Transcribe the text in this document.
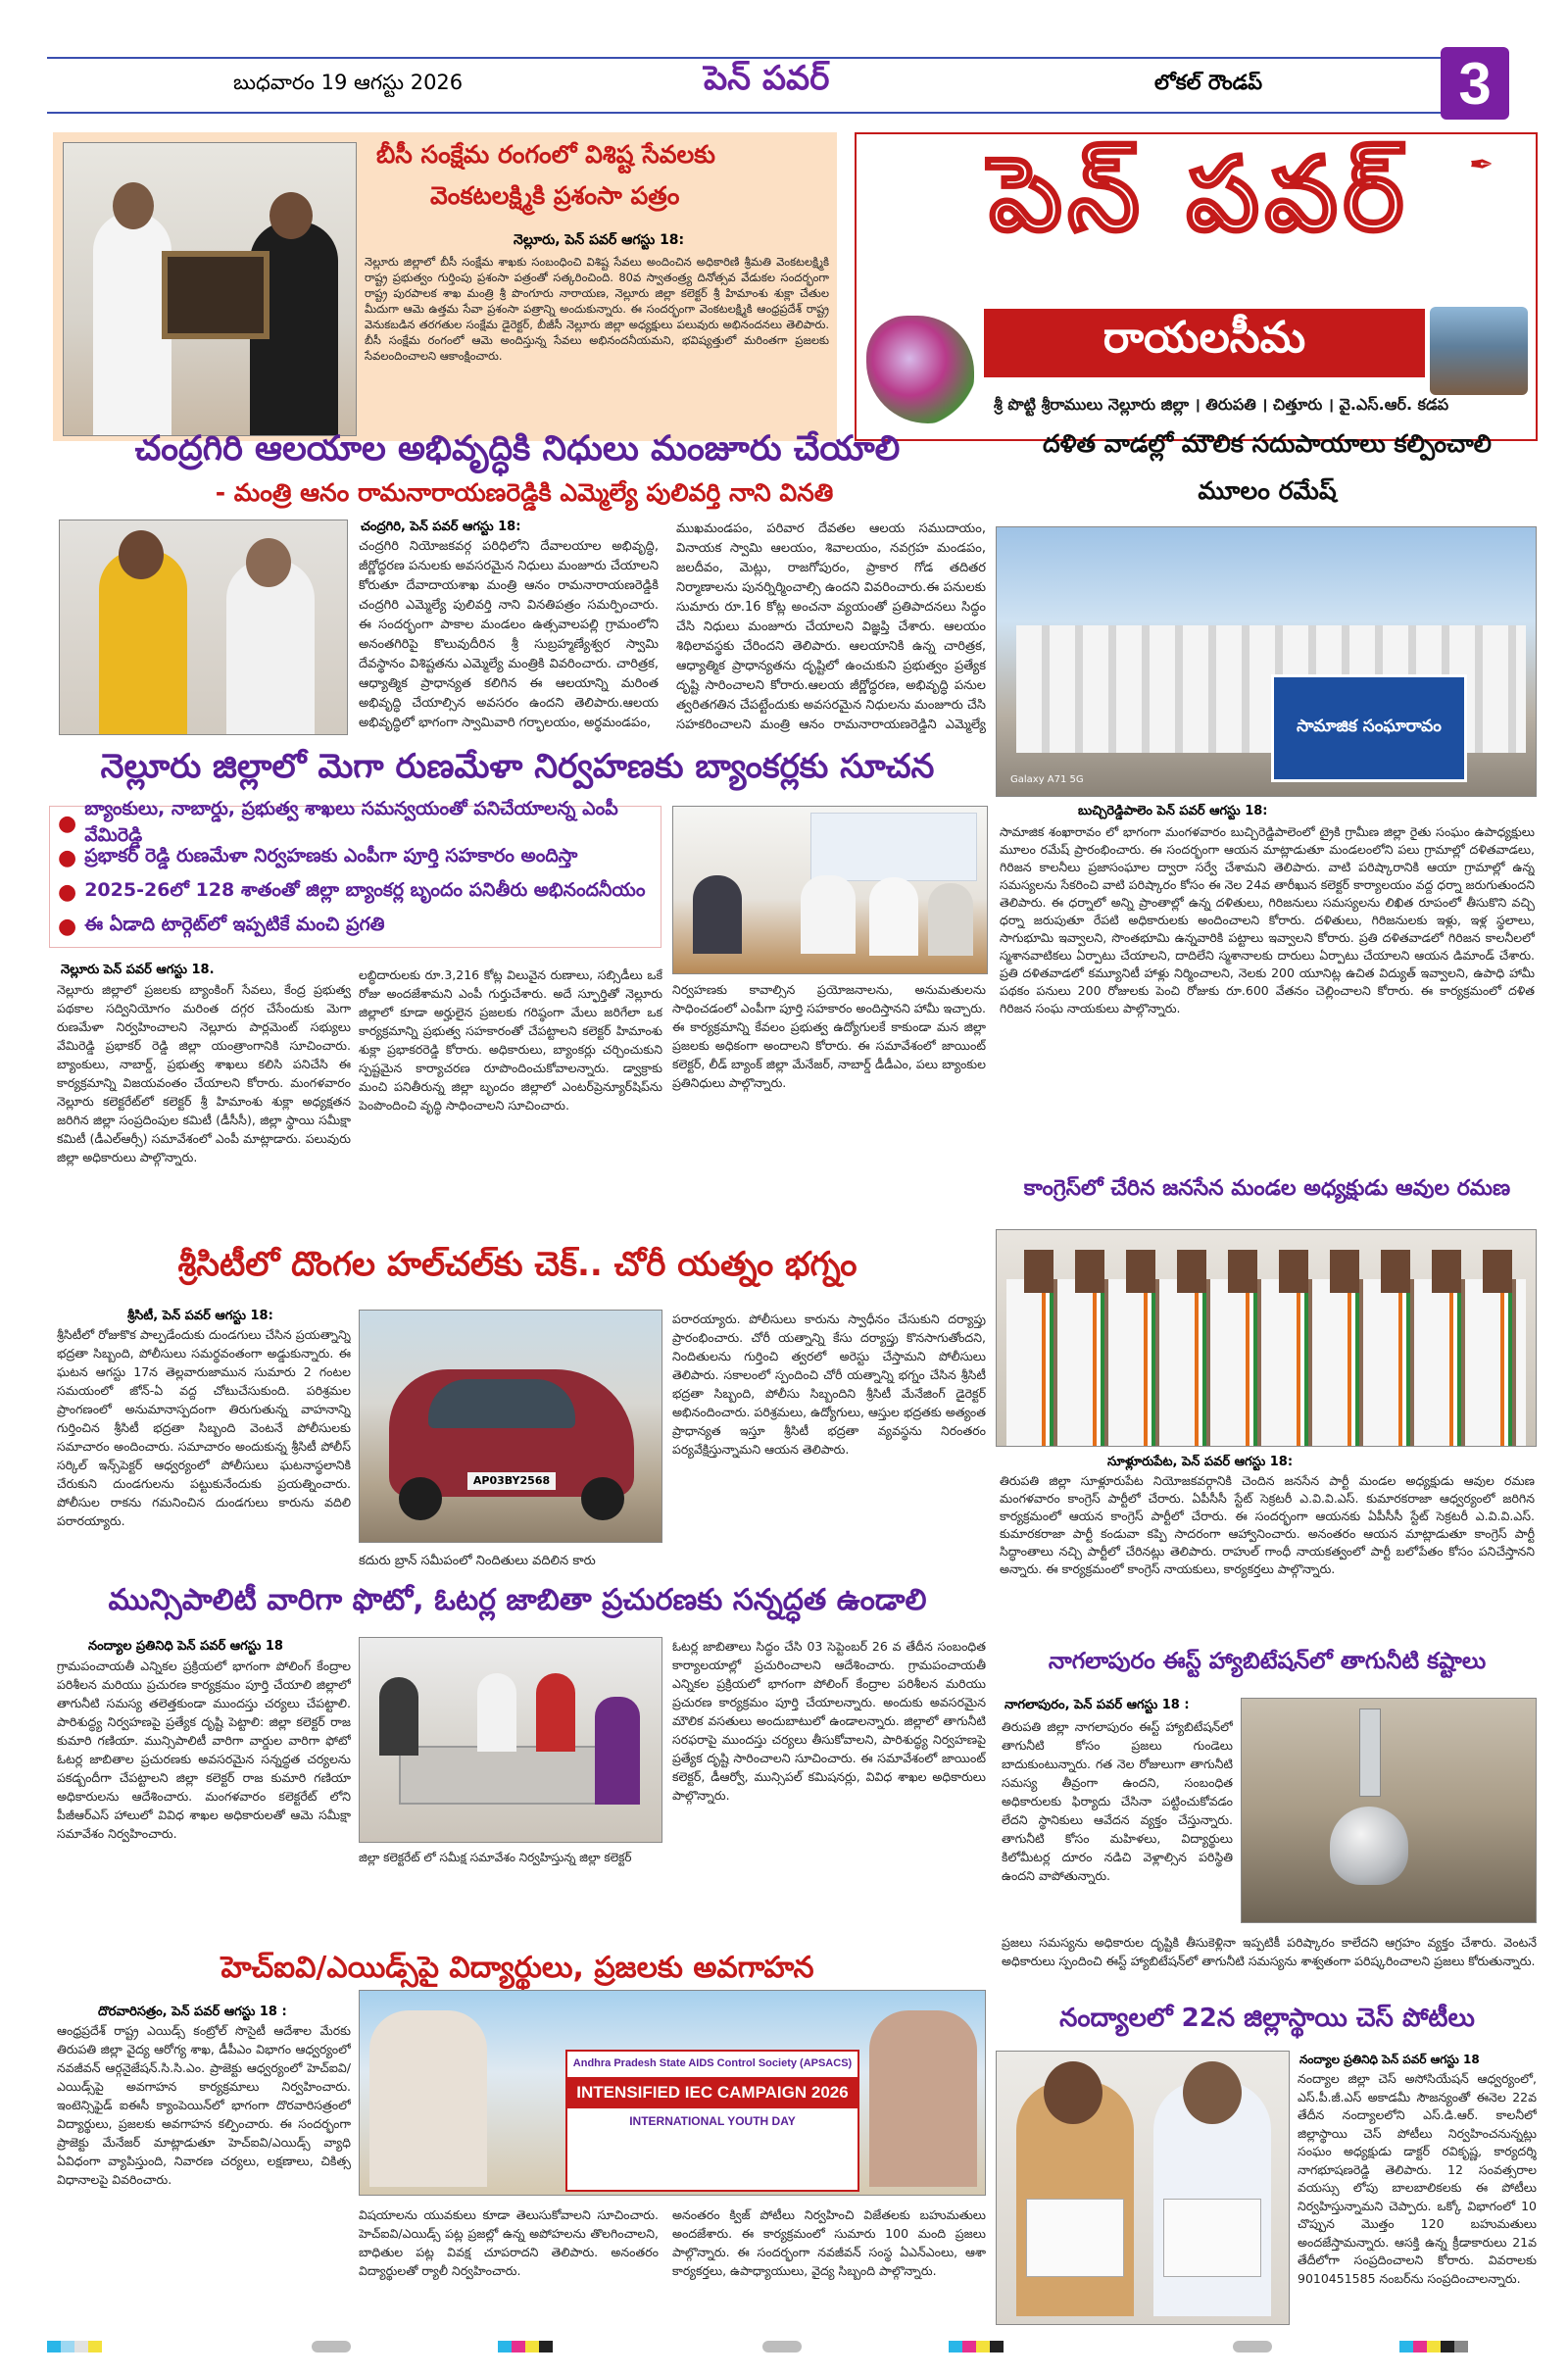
బుధవారం 19 ఆగస్టు 2026	పెన్ పవర్	లోకల్ రౌండప్	3
బీసీ సంక్షేమ రంగంలో విశిష్ట సేవలకు
వెంకటలక్ష్మికి ప్రశంసా పత్రం
నెల్లూరు, పెన్ పవర్ ఆగస్టు 18:
నెల్లూరు జిల్లాలో బీసీ సంక్షేమ శాఖకు సంబంధించి విశిష్ట సేవలు అందించిన అధికారిణి శ్రీమతి వెంకటలక్ష్మికి రాష్ట్ర ప్రభుత్వం గుర్తింపు ప్రశంసా పత్రంతో సత్కరించింది. 80వ స్వాతంత్ర్య దినోత్సవ వేడుకల సందర్భంగా రాష్ట్ర పురపాలక శాఖ మంత్రి శ్రీ పొంగూరు నారాయణ, నెల్లూరు జిల్లా కలెక్టర్ శ్రీ హిమాంశు శుక్లా చేతుల మీదుగా ఆమె ఉత్తమ సేవా ప్రశంసా పత్రాన్ని అందుకున్నారు. ఈ సందర్భంగా వెంకటలక్ష్మికి ఆంధ్రప్రదేశ్ రాష్ట్ర వెనుకబడిన తరగతుల సంక్షేమ డైరెక్టర్, బీజీసీ నెల్లూరు జిల్లా అధ్యక్షులు పలువురు అభినందనలు తెలిపారు. బీసీ సంక్షేమ రంగంలో ఆమె అందిస్తున్న సేవలు అభినందనీయమని, భవిష్యత్తులో మరింతగా ప్రజలకు సేవలందించాలని ఆకాంక్షించారు.
పెన్ పవర్	✒
రాయలసీమ
శ్రీ పొట్టి శ్రీరాములు నెల్లూరు జిల్లా । తిరుపతి । చిత్తూరు । వై.ఎస్.ఆర్. కడప
చంద్రగిరి ఆలయాల అభివృద్ధికి నిధులు మంజూరు చేయాలి
- మంత్రి ఆనం రామనారాయణరెడ్డికి ఎమ్మెల్యే పులివర్తి నాని వినతి
చంద్రగిరి, పెన్ పవర్ ఆగస్టు 18:
చంద్రగిరి నియోజకవర్గ పరిధిలోని దేవాలయాల అభివృద్ధి, జీర్ణోద్ధరణ పనులకు అవసరమైన నిధులు మంజూరు చేయాలని కోరుతూ దేవాదాయశాఖ మంత్రి ఆనం రామనారాయణరెడ్డికి చంద్రగిరి ఎమ్మెల్యే పులివర్తి నాని వినతిపత్రం సమర్పించారు. ఈ సందర్భంగా పాకాల మండలం ఉత్సవాలపల్లి గ్రామంలోని అనంతగిరిపై కొలువుదీరిన శ్రీ సుబ్రహ్మణ్యేశ్వర స్వామి దేవస్థానం విశిష్టతను ఎమ్మెల్యే మంత్రికి వివరించారు. చారిత్రక, ఆధ్యాత్మిక ప్రాధాన్యత కలిగిన ఈ ఆలయాన్ని మరింత అభివృద్ధి చేయాల్సిన అవసరం ఉందని తెలిపారు.ఆలయ అభివృద్ధిలో భాగంగా స్వామివారి గర్భాలయం, అర్థమండపం,
ముఖమండపం, పరివార దేవతల ఆలయ సముదాయం, వినాయక స్వామి ఆలయం, శివాలయం, నవగ్రహ మండపం, జలదీవం, మెట్లు, రాజగోపురం, ప్రాకార గోడ తదితర నిర్మాణాలను పునర్నిర్మించాల్సి ఉందని వివరించారు.ఈ పనులకు సుమారు రూ.16 కోట్ల అంచనా వ్యయంతో ప్రతిపాదనలు సిద్ధం చేసి నిధులు మంజూరు చేయాలని విజ్ఞప్తి చేశారు. ఆలయం శిథిలావస్థకు చేరిందని తెలిపారు. ఆలయానికి ఉన్న చారిత్రక, ఆధ్యాత్మిక ప్రాధాన్యతను దృష్టిలో ఉంచుకుని ప్రభుత్వం ప్రత్యేక దృష్టి సారించాలని కోరారు.ఆలయ జీర్ణోద్ధరణ, అభివృద్ధి పనుల త్వరితగతిన చేపట్టేందుకు అవసరమైన నిధులను మంజూరు చేసి సహకరించాలని మంత్రి ఆనం రామనారాయణరెడ్డిని ఎమ్మెల్యే
దళిత వాడల్లో మౌలిక సదుపాయాలు కల్పించాలి
మూలం రమేష్
సామాజిక సంఘారావం
Galaxy A71 5G
బుచ్చిరెడ్డిపాలెం పెన్ పవర్ ఆగస్టు 18:
సామాజిక శంఖారావం లో భాగంగా మంగళవారం బుచ్చిరెడ్డిపాలెంలో ట్రైకి గ్రామీణ జిల్లా రైతు సంఘం ఉపాధ్యక్షులు మూలం రమేష్ ప్రారంభించారు. ఈ సందర్భంగా ఆయన మాట్లాడుతూ మండలంలోని పలు గ్రామాల్లో దళితవాడలు, గిరిజన కాలనీలు ప్రజాసంఘాల ద్వారా సర్వే చేశామని తెలిపారు. వాటి పరిష్కారానికి ఆయా గ్రామాల్లో ఉన్న సమస్యలను సేకరించి వాటి పరిష్కారం కోసం ఈ నెల 24వ తారీఖున కలెక్టర్ కార్యాలయం వద్ద ధర్నా జరుగుతుందని తెలిపారు. ఈ ధర్నాలో అన్ని ప్రాంతాల్లో ఉన్న దళితులు, గిరిజనులు సమస్యలను లిఖిత రూపంలో తీసుకొని వచ్చి ధర్నా జరుపుతూ రేపటి అధికారులకు అందించాలని కోరారు. దళితులు, గిరిజనులకు ఇళ్లు, ఇళ్ల స్థలాలు, సాగుభూమి ఇవ్వాలని, సొంతభూమి ఉన్నవారికి పట్టాలు ఇవ్వాలని కోరారు. ప్రతి దళితవాడలో గిరిజన కాలనీలలో స్మశానవాటికలు ఏర్పాటు చేయాలని, దాదిలేని స్మశానాలకు దారులు ఏర్పాటు చేయాలని ఆయన డిమాండ్ చేశారు. ప్రతి దళితవాడలో కమ్యూనిటీ హాళ్లు నిర్మించాలని, నెలకు 200 యూనిట్ల ఉచిత విద్యుత్ ఇవ్వాలని, ఉపాధి హామీ పథకం పనులు 200 రోజులకు పెంచి రోజుకు రూ.600 వేతనం చెల్లించాలని కోరారు. ఈ కార్యక్రమంలో దళిత గిరిజన సంఘ నాయకులు పాల్గొన్నారు.
నెల్లూరు జిల్లాలో మెగా రుణమేళా నిర్వహణకు బ్యాంకర్లకు సూచన
●
బ్యాంకులు, నాబార్డు, ప్రభుత్వ శాఖలు సమన్వయంతో పనిచేయాలన్న ఎంపీ వేమిరెడ్డి
● ప్రభాకర్ రెడ్డి రుణమేళా నిర్వహణకు ఎంపీగా పూర్తి సహకారం అందిస్తా
● 2025-26లో 128 శాతంతో జిల్లా బ్యాంకర్ల బృందం పనితీరు అభినందనీయం
● ఈ ఏడాది టార్గెట్‌లో ఇప్పటికే మంచి ప్రగతి
నెల్లూరు పెన్ పవర్ ఆగస్టు 18.
నెల్లూరు జిల్లాలో ప్రజలకు బ్యాంకింగ్ సేవలు, కేంద్ర ప్రభుత్వ పథకాల సద్వినియోగం మరింత దగ్గర చేసేందుకు మెగా రుణమేళా నిర్వహించాలని నెల్లూరు పార్లమెంట్ సభ్యులు వేమిరెడ్డి ప్రభాకర్ రెడ్డి జిల్లా యంత్రాంగానికి సూచించారు. బ్యాంకులు, నాబార్డ్, ప్రభుత్వ శాఖలు కలిసి పనిచేసి ఈ కార్యక్రమాన్ని విజయవంతం చేయాలని కోరారు. మంగళవారం నెల్లూరు కలెక్టరేట్‌లో కలెక్టర్ శ్రీ హిమాంశు శుక్లా అధ్యక్షతన జరిగిన జిల్లా సంప్రదింపుల కమిటీ (డీసీసీ), జిల్లా స్థాయి సమీక్షా కమిటీ (డీఎల్ఆర్సీ) సమావేశంలో ఎంపీ మాట్లాడారు. పలువురు జిల్లా అధికారులు పాల్గొన్నారు.
లబ్ధిదారులకు రూ.3,216 కోట్ల విలువైన రుణాలు, సబ్సిడీలు ఒకే రోజు అందజేశామని ఎంపీ గుర్తుచేశారు. అదే స్ఫూర్తితో నెల్లూరు జిల్లాలో కూడా అర్హులైన ప్రజలకు గరిష్ఠంగా మేలు జరిగేలా ఒక కార్యక్రమాన్ని ప్రభుత్వ సహకారంతో చేపట్టాలని కలెక్టర్ హిమాంశు శుక్లా ప్రభాకరరెడ్డి కోరారు. అధికారులు, బ్యాంకర్లు చర్చించుకుని స్పష్టమైన కార్యాచరణ రూపొందించుకోవాలన్నారు. డ్వాక్రాకు మంచి పనితీరున్న జిల్లా బృందం జిల్లాలో ఎంటర్‌ప్రెన్యూర్‌షిప్‌ను పెంపొందించి వృద్ధి సాధించాలని సూచించారు.
నిర్వహణకు కావాల్సిన ప్రయోజనాలను, అనుమతులను సాధించడంలో ఎంపీగా పూర్తి సహకారం అందిస్తానని హామీ ఇచ్చారు. ఈ కార్యక్రమాన్ని కేవలం ప్రభుత్వ ఉద్యోగులకే కాకుండా మన జిల్లా ప్రజలకు అధికంగా అందాలని కోరారు. ఈ సమావేశంలో జాయింట్ కలెక్టర్, లీడ్ బ్యాంక్ జిల్లా మేనేజర్, నాబార్డ్ డీడీఎం, పలు బ్యాంకుల ప్రతినిధులు పాల్గొన్నారు.
కాంగ్రెస్‌లో చేరిన జనసేన మండల అధ్యక్షుడు ఆవుల రమణ
సూళ్లూరుపేట, పెన్ పవర్ ఆగస్టు 18:
తిరుపతి జిల్లా సూళ్లూరుపేట నియోజకవర్గానికి చెందిన జనసేన పార్టీ మండల అధ్యక్షుడు ఆవుల రమణ మంగళవారం కాంగ్రెస్ పార్టీలో చేరారు. ఏపీసీసీ స్టేట్ సెక్రటరీ ఎ.వి.వి.ఎస్. కుమారకరాజా ఆధ్వర్యంలో జరిగిన కార్యక్రమంలో ఆయన కాంగ్రెస్ పార్టీలో చేరారు. ఈ సందర్భంగా ఆయనకు ఏపీసీసీ స్టేట్ సెక్రటరీ ఎ.వి.వి.ఎస్. కుమారకరాజా పార్టీ కండువా కప్పి సాదరంగా ఆహ్వానించారు. అనంతరం ఆయన మాట్లాడుతూ కాంగ్రెస్ పార్టీ సిద్ధాంతాలు నచ్చి పార్టీలో చేరినట్లు తెలిపారు. రాహుల్ గాంధీ నాయకత్వంలో పార్టీ బలోపేతం కోసం పనిచేస్తానని అన్నారు. ఈ కార్యక్రమంలో కాంగ్రెస్ నాయకులు, కార్యకర్తలు పాల్గొన్నారు.
శ్రీసిటీలో దొంగల హల్‌చల్‌కు చెక్.. చోరీ యత్నం భగ్నం
శ్రీసిటీ, పెన్ పవర్ ఆగస్టు 18:
శ్రీసిటీలో రోజుకొక పాల్పడేందుకు దుండగులు చేసిన ప్రయత్నాన్ని భద్రతా సిబ్బంది, పోలీసులు సమర్థవంతంగా అడ్డుకున్నారు. ఈ ఘటన ఆగస్టు 17న తెల్లవారుజామున సుమారు 2 గంటల సమయంలో జోన్-ఏ వద్ద చోటుచేసుకుంది. పరిశ్రమల ప్రాంగణంలో అనుమానాస్పదంగా తిరుగుతున్న వాహనాన్ని గుర్తించిన శ్రీసిటీ భద్రతా సిబ్బంది వెంటనే పోలీసులకు సమాచారం అందించారు. సమాచారం అందుకున్న శ్రీసిటీ పోలీస్ సర్కిల్ ఇన్స్‌పెక్టర్ ఆధ్వర్యంలో పోలీసులు ఘటనాస్థలానికి చేరుకుని దుండగులను పట్టుకునేందుకు ప్రయత్నించారు. పోలీసుల రాకను గమనించిన దుండగులు కారును వదిలి పరారయ్యారు.
AP03BY2568
కదురు బ్రాన్ సమీపంలో నిందితులు వదిలిన కారు
పరారయ్యారు. పోలీసులు కారును స్వాధీనం చేసుకుని దర్యాప్తు ప్రారంభించారు. చోరీ యత్నాన్ని కేసు దర్యాప్తు కొనసాగుతోందని, నిందితులను గుర్తించి త్వరలో అరెస్టు చేస్తామని పోలీసులు తెలిపారు. సకాలంలో స్పందించి చోరీ యత్నాన్ని భగ్నం చేసిన శ్రీసిటీ భద్రతా సిబ్బంది, పోలీసు సిబ్బందిని శ్రీసిటీ మేనేజింగ్ డైరెక్టర్ అభినందించారు. పరిశ్రమలు, ఉద్యోగులు, ఆస్తుల భద్రతకు అత్యంత ప్రాధాన్యత ఇస్తూ శ్రీసిటీ భద్రతా వ్యవస్థను నిరంతరం పర్యవేక్షిస్తున్నామని ఆయన తెలిపారు.
మున్సిపాలిటీ వారిగా ఫొటో, ఓటర్ల జాబితా ప్రచురణకు సన్నద్ధత ఉండాలి
నంద్యాల ప్రతినిధి పెన్ పవర్ ఆగస్టు 18
గ్రామపంచాయతీ ఎన్నికల ప్రక్రియలో భాగంగా పోలింగ్ కేంద్రాల పరిశీలన మరియు ప్రచురణ కార్యక్రమం పూర్తి చేయాలి జిల్లాలో తాగునీటి సమస్య తలెత్తకుండా ముందస్తు చర్యలు చేపట్టాలి. పారిశుద్ధ్య నిర్వహణపై ప్రత్యేక దృష్టి పెట్టాలి: జిల్లా కలెక్టర్ రాజ కుమారి గణియా. మున్సిపాలిటీ వారిగా వార్డుల వారిగా ఫోటో ఓటర్ల జాబితాల ప్రచురణకు అవసరమైన సన్నద్ధత చర్యలను పకడ్బందీగా చేపట్టాలని జిల్లా కలెక్టర్ రాజ కుమారి గణియా అధికారులను ఆదేశించారు. మంగళవారం కలెక్టరేట్ లోని పీజీఆర్ఎస్ హాలులో వివిధ శాఖల అధికారులతో ఆమె సమీక్షా సమావేశం నిర్వహించారు.
జిల్లా కలెక్టరేట్ లో సమీక్ష సమావేశం నిర్వహిస్తున్న జిల్లా కలెక్టర్
ఓటర్ల జాబితాలు సిద్ధం చేసి 03 సెప్టెంబర్ 26 వ తేదీన సంబంధిత కార్యాలయాల్లో ప్రచురించాలని ఆదేశించారు. గ్రామపంచాయతీ ఎన్నికల ప్రక్రియలో భాగంగా పోలింగ్ కేంద్రాల పరిశీలన మరియు ప్రచురణ కార్యక్రమం పూర్తి చేయాలన్నారు. అందుకు అవసరమైన మౌలిక వసతులు అందుబాటులో ఉండాలన్నారు. జిల్లాలో తాగునీటి సరఫరాపై ముందస్తు చర్యలు తీసుకోవాలని, పారిశుద్ధ్య నిర్వహణపై ప్రత్యేక దృష్టి సారించాలని సూచించారు. ఈ సమావేశంలో జాయింట్ కలెక్టర్, డీఆర్వో, మున్సిపల్ కమిషనర్లు, వివిధ శాఖల అధికారులు పాల్గొన్నారు.
నాగలాపురం ఈస్ట్ హ్యాబిటేషన్‌లో తాగునీటి కష్టాలు
నాగలాపురం, పెన్ పవర్ ఆగస్టు 18 :
తిరుపతి జిల్లా నాగలాపురం ఈస్ట్ హ్యాబిటేషన్‌లో తాగునీటి కోసం ప్రజలు గుండెలు బాదుకుంటున్నారు. గత నెల రోజులుగా తాగునీటి సమస్య తీవ్రంగా ఉందని, సంబంధిత అధికారులకు ఫిర్యాదు చేసినా పట్టించుకోవడం లేదని స్థానికులు ఆవేదన వ్యక్తం చేస్తున్నారు. తాగునీటి కోసం మహిళలు, విద్యార్థులు కిలోమీటర్ల దూరం నడిచి వెళ్లాల్సిన పరిస్థితి ఉందని వాపోతున్నారు.
ప్రజలు సమస్యను అధికారుల దృష్టికి తీసుకెళ్లినా ఇప్పటికీ పరిష్కారం కాలేదని ఆగ్రహం వ్యక్తం చేశారు. వెంటనే అధికారులు స్పందించి ఈస్ట్ హ్యాబిటేషన్‌లో తాగునీటి సమస్యను శాశ్వతంగా పరిష్కరించాలని ప్రజలు కోరుతున్నారు.
హెచ్ఐవి/ఎయిడ్స్‌పై విద్యార్థులు, ప్రజలకు అవగాహన
దొరవారిసత్రం, పెన్ పవర్ ఆగస్టు 18 :
ఆంధ్రప్రదేశ్ రాష్ట్ర ఎయిడ్స్ కంట్రోల్ సొసైటీ ఆదేశాల మేరకు తిరుపతి జిల్లా వైద్య ఆరోగ్య శాఖ, డీపీఎం విభాగం ఆధ్వర్యంలో నవజీవన్ ఆర్గనైజేషన్.సి.సి.ఎం. ప్రాజెక్టు ఆధ్వర్యంలో హెచ్ఐవి/ఎయిడ్స్‌పై అవగాహన కార్యక్రమాలు నిర్వహించారు. ఇంటెన్సిఫైడ్ ఐఈసీ క్యాంపెయిన్‌లో భాగంగా దొరవారిసత్రంలో విద్యార్థులు, ప్రజలకు అవగాహన కల్పించారు. ఈ సందర్భంగా ప్రాజెక్టు మేనేజర్ మాట్లాడుతూ హెచ్ఐవి/ఎయిడ్స్ వ్యాధి ఏవిధంగా వ్యాపిస్తుంది, నివారణ చర్యలు, లక్షణాలు, చికిత్స విధానాలపై వివరించారు.
Andhra Pradesh State AIDS Control Society (APSACS)
INTENSIFIED IEC CAMPAIGN 2026
INTERNATIONAL YOUTH DAY
విషయాలను యువకులు కూడా తెలుసుకోవాలని సూచించారు. హెచ్ఐవి/ఎయిడ్స్ పట్ల ప్రజల్లో ఉన్న అపోహలను తొలగించాలని, బాధితుల పట్ల వివక్ష చూపరాదని తెలిపారు. అనంతరం విద్యార్థులతో ర్యాలీ నిర్వహించారు.
అనంతరం క్విజ్ పోటీలు నిర్వహించి విజేతలకు బహుమతులు అందజేశారు. ఈ కార్యక్రమంలో సుమారు 100 మంది ప్రజలు పాల్గొన్నారు. ఈ సందర్భంగా నవజీవన్ సంస్థ ఏఎన్ఎంలు, ఆశా కార్యకర్తలు, ఉపాధ్యాయులు, వైద్య సిబ్బంది పాల్గొన్నారు.
నంద్యాలలో 22న జిల్లాస్థాయి చెస్ పోటీలు
నంద్యాల ప్రతినిధి పెన్ పవర్ ఆగస్టు 18
నంద్యాల జిల్లా చెస్ అసోసియేషన్ ఆధ్వర్యంలో, ఎస్.పీ.జీ.ఎస్ అకాడమీ సౌజన్యంతో ఈనెల 22వ తేదీన నంద్యాలలోని ఎస్.డి.ఆర్. కాలనీలో జిల్లాస్థాయి చెస్ పోటీలు నిర్వహించనున్నట్లు సంఘం అధ్యక్షుడు డాక్టర్ రవికృష్ణ, కార్యదర్శి నాగభూషణరెడ్డి తెలిపారు. 12 సంవత్సరాల వయస్సు లోపు బాలబాలికలకు ఈ పోటీలు నిర్వహిస్తున్నామని చెప్పారు. ఒక్కో విభాగంలో 10 చొప్పున మొత్తం 120 బహుమతులు అందజేస్తామన్నారు. ఆసక్తి ఉన్న క్రీడాకారులు 21వ తేదీలోగా సంప్రదించాలని కోరారు. వివరాలకు 9010451585 నంబర్‌ను సంప్రదించాలన్నారు.
